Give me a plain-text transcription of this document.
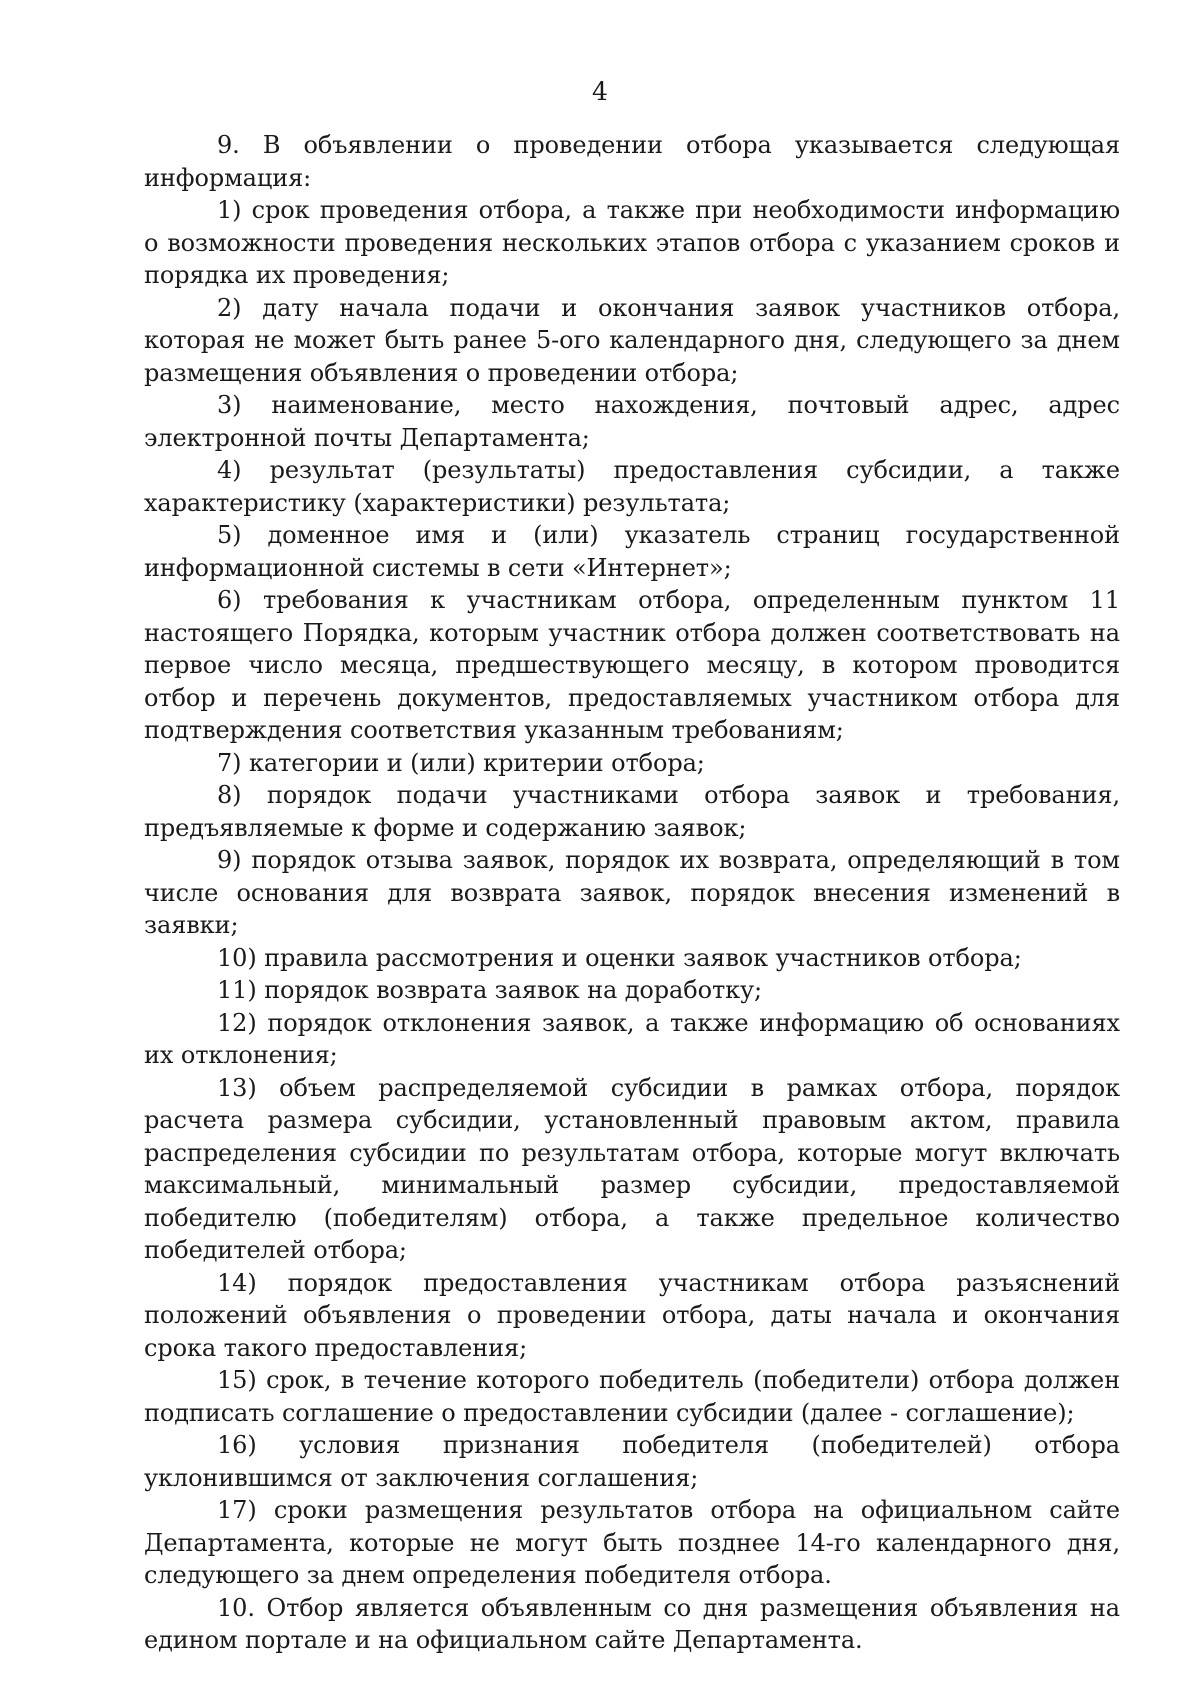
4

9. В объявлении о проведении отбора указывается следующая информация:

1) срок проведения отбора, а также при необходимости информацию о возможности проведения нескольких этапов отбора с указанием сроков и порядка их проведения;

2) дату начала подачи и окончания заявок участников отбора, которая не может быть ранее 5-ого календарного дня, следующего за днем размещения объявления о проведении отбора;

3) наименование, место нахождения, почтовый адрес, адрес электронной почты Департамента;

4) результат (результаты) предоставления субсидии, а также характеристику (характеристики) результата;

5) доменное имя и (или) указатель страниц государственной информационной системы в сети «Интернет»;

6) требования к участникам отбора, определенным пунктом 11 настоящего Порядка, которым участник отбора должен соответствовать на первое число месяца, предшествующего месяцу, в котором проводится отбор и перечень документов, предоставляемых участником отбора для подтверждения соответствия указанным требованиям;

7) категории и (или) критерии отбора;

8) порядок подачи участниками отбора заявок и требования, предъявляемые к форме и содержанию заявок;

9) порядок отзыва заявок, порядок их возврата, определяющий в том числе основания для возврата заявок, порядок внесения изменений в заявки;

10) правила рассмотрения и оценки заявок участников отбора;

11) порядок возврата заявок на доработку;

12) порядок отклонения заявок, а также информацию об основаниях их отклонения;

13) объем распределяемой субсидии в рамках отбора, порядок расчета размера субсидии, установленный правовым актом, правила распределения субсидии по результатам отбора, которые могут включать максимальный, минимальный размер субсидии, предоставляемой победителю (победителям) отбора, а также предельное количество победителей отбора;

14) порядок предоставления участникам отбора разъяснений положений объявления о проведении отбора, даты начала и окончания срока такого предоставления;

15) срок, в течение которого победитель (победители) отбора должен подписать соглашение о предоставлении субсидии (далее - соглашение);

16) условия признания победителя (победителей) отбора уклонившимся от заключения соглашения;

17) сроки размещения результатов отбора на официальном сайте Департамента, которые не могут быть позднее 14-го календарного дня, следующего за днем определения победителя отбора.

10. Отбор является объявленным со дня размещения объявления на едином портале и на официальном сайте Департамента.
